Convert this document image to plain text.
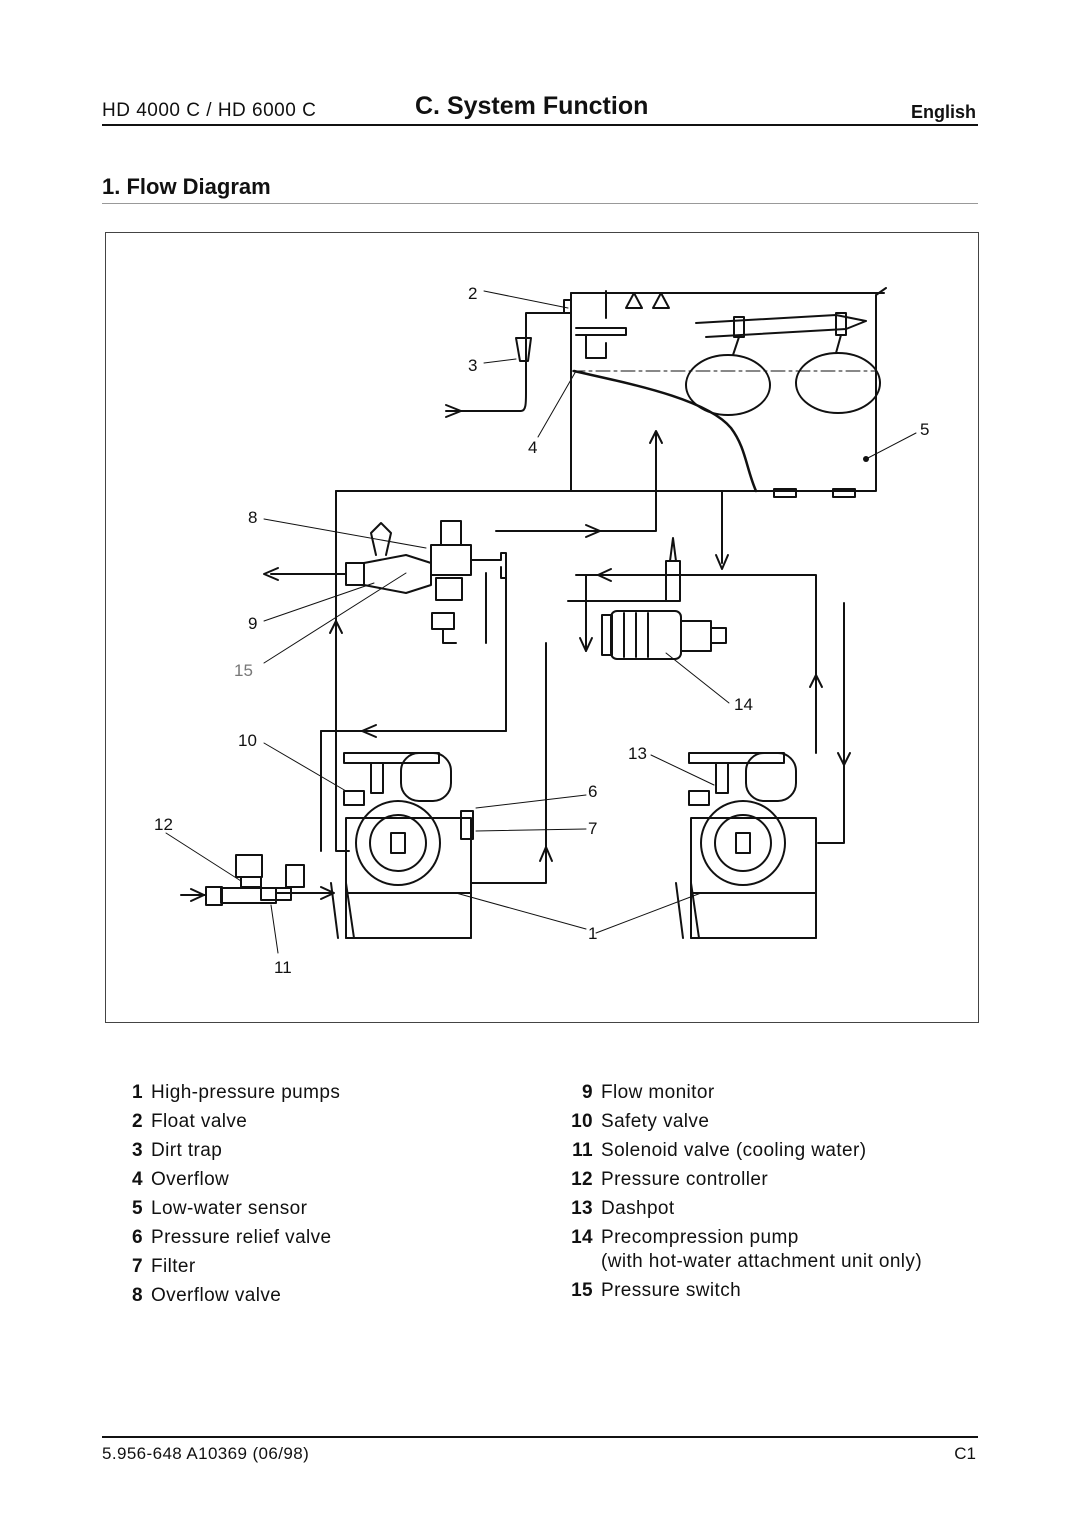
HD 4000 C / HD 6000 C	C. System Function	English
1. Flow Diagram
2
3
4
5
8
9
15
14
10
13
6
7
12
1
11
1 High-pressure pumps
2 Float valve
3 Dirt trap
4 Overflow
5 Low-water sensor
6 Pressure relief valve
7 Filter
8 Overflow valve
9 Flow monitor
10 Safety valve
11 Solenoid valve (cooling water)
12 Pressure controller
13 Dashpot
14 Precompression pump
(with hot-water attachment unit only)
15 Pressure switch
5.956-648 A10369 (06/98)	C1
